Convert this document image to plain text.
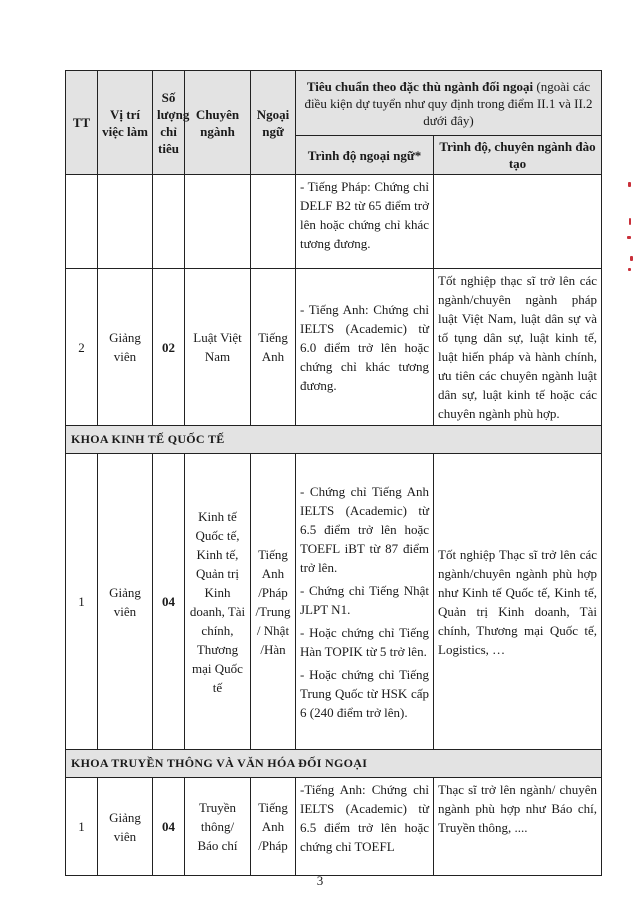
TT	Vị trí việc làm	Số lượng chỉ tiêu	Chuyên ngành	Ngoại ngữ	Tiêu chuẩn theo đặc thù ngành đối ngoại (ngoài các điều kiện dự tuyển như quy định trong điểm II.1 và II.2 dưới đây)	
					Trình độ ngoại ngữ*	Trình độ, chuyên ngành đào tạo
					- Tiếng Pháp: Chứng chỉ DELF B2 từ 65 điểm trở lên hoặc chứng chỉ khác tương đương.	
2	Giảng viên	02	Luật Việt Nam	Tiếng Anh	- Tiếng Anh: Chứng chỉ IELTS (Academic) từ 6.0 điểm trở lên hoặc chứng chỉ khác tương đương.	Tốt nghiệp thạc sĩ trở lên các ngành/chuyên ngành pháp luật Việt Nam, luật dân sự và tố tụng dân sự, luật kinh tế, luật hiến pháp và hành chính, ưu tiên các chuyên ngành luật dân sự, luật kinh tế hoặc các chuyên ngành phù hợp.
KHOA KINH TẾ QUỐC TẾ						
1	Giảng viên	04	Kinh tế Quốc tế, Kinh tế, Quản trị Kinh doanh, Tài chính, Thương mại Quốc tế	Tiếng Anh /Pháp /Trung / Nhật /Hàn	- Chứng chỉ Tiếng Anh IELTS (Academic) từ 6.5 điểm trở lên hoặc TOEFL iBT từ 87 điểm trở lên.

- Chứng chỉ Tiếng Nhật JLPT N1.

- Hoặc chứng chỉ Tiếng Hàn TOPIK từ 5 trở lên.

- Hoặc chứng chỉ Tiếng Trung Quốc từ HSK cấp 6 (240 điểm trở lên).	Tốt nghiệp Thạc sĩ trở lên các ngành/chuyên ngành phù hợp như Kinh tế Quốc tế, Kinh tế, Quản trị Kinh doanh, Tài chính, Thương mại Quốc tế, Logistics, …
KHOA TRUYỀN THÔNG VÀ VĂN HÓA ĐỐI NGOẠI						
1	Giảng viên	04	Truyền thông/ Báo chí	Tiếng Anh /Pháp	-Tiếng Anh: Chứng chỉ IELTS (Academic) từ 6.5 điểm trở lên hoặc chứng chỉ TOEFL	Thạc sĩ trở lên ngành/ chuyên ngành phù hợp như Báo chí, Truyền thông, ....
3
